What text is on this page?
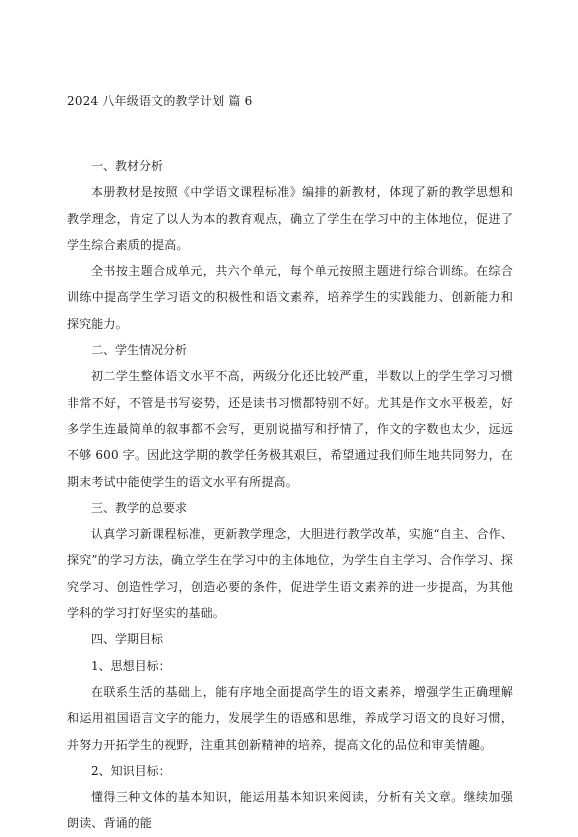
2024 八年级语文的教学计划 篇 6

一、教材分析

本册教材是按照《中学语文课程标准》编排的新教材，体现了新的教学思想和教学理念，肯定了以人为本的教育观点，确立了学生在学习中的主体地位，促进了学生综合素质的提高。

全书按主题合成单元，共六个单元，每个单元按照主题进行综合训练。在综合训练中提高学生学习语文的积极性和语文素养，培养学生的实践能力、创新能力和探究能力。

二、学生情况分析

初二学生整体语文水平不高，两级分化还比较严重，半数以上的学生学习习惯非常不好，不管是书写姿势，还是读书习惯都特别不好。尤其是作文水平极差，好多学生连最简单的叙事都不会写，更别说描写和抒情了，作文的字数也太少，远远不够 600 字。因此这学期的教学任务极其艰巨，希望通过我们师生地共同努力，在期末考试中能使学生的语文水平有所提高。

三、教学的总要求

认真学习新课程标准，更新教学理念，大胆进行教学改革，实施“自主、合作、探究”的学习方法，确立学生在学习中的主体地位，为学生自主学习、合作学习、探究学习、创造性学习，创造必要的条件，促进学生语文素养的进一步提高，为其他学科的学习打好坚实的基础。

四、学期目标

1、思想目标：

在联系生活的基础上，能有序地全面提高学生的语文素养，增强学生正确理解和运用祖国语言文字的能力，发展学生的语感和思维，养成学习语文的良好习惯，并努力开拓学生的视野，注重其创新精神的培养，提高文化的品位和审美情趣。

2、知识目标：

懂得三种文体的基本知识，能运用基本知识来阅读，分析有关文章。继续加强朗读、背诵的能
